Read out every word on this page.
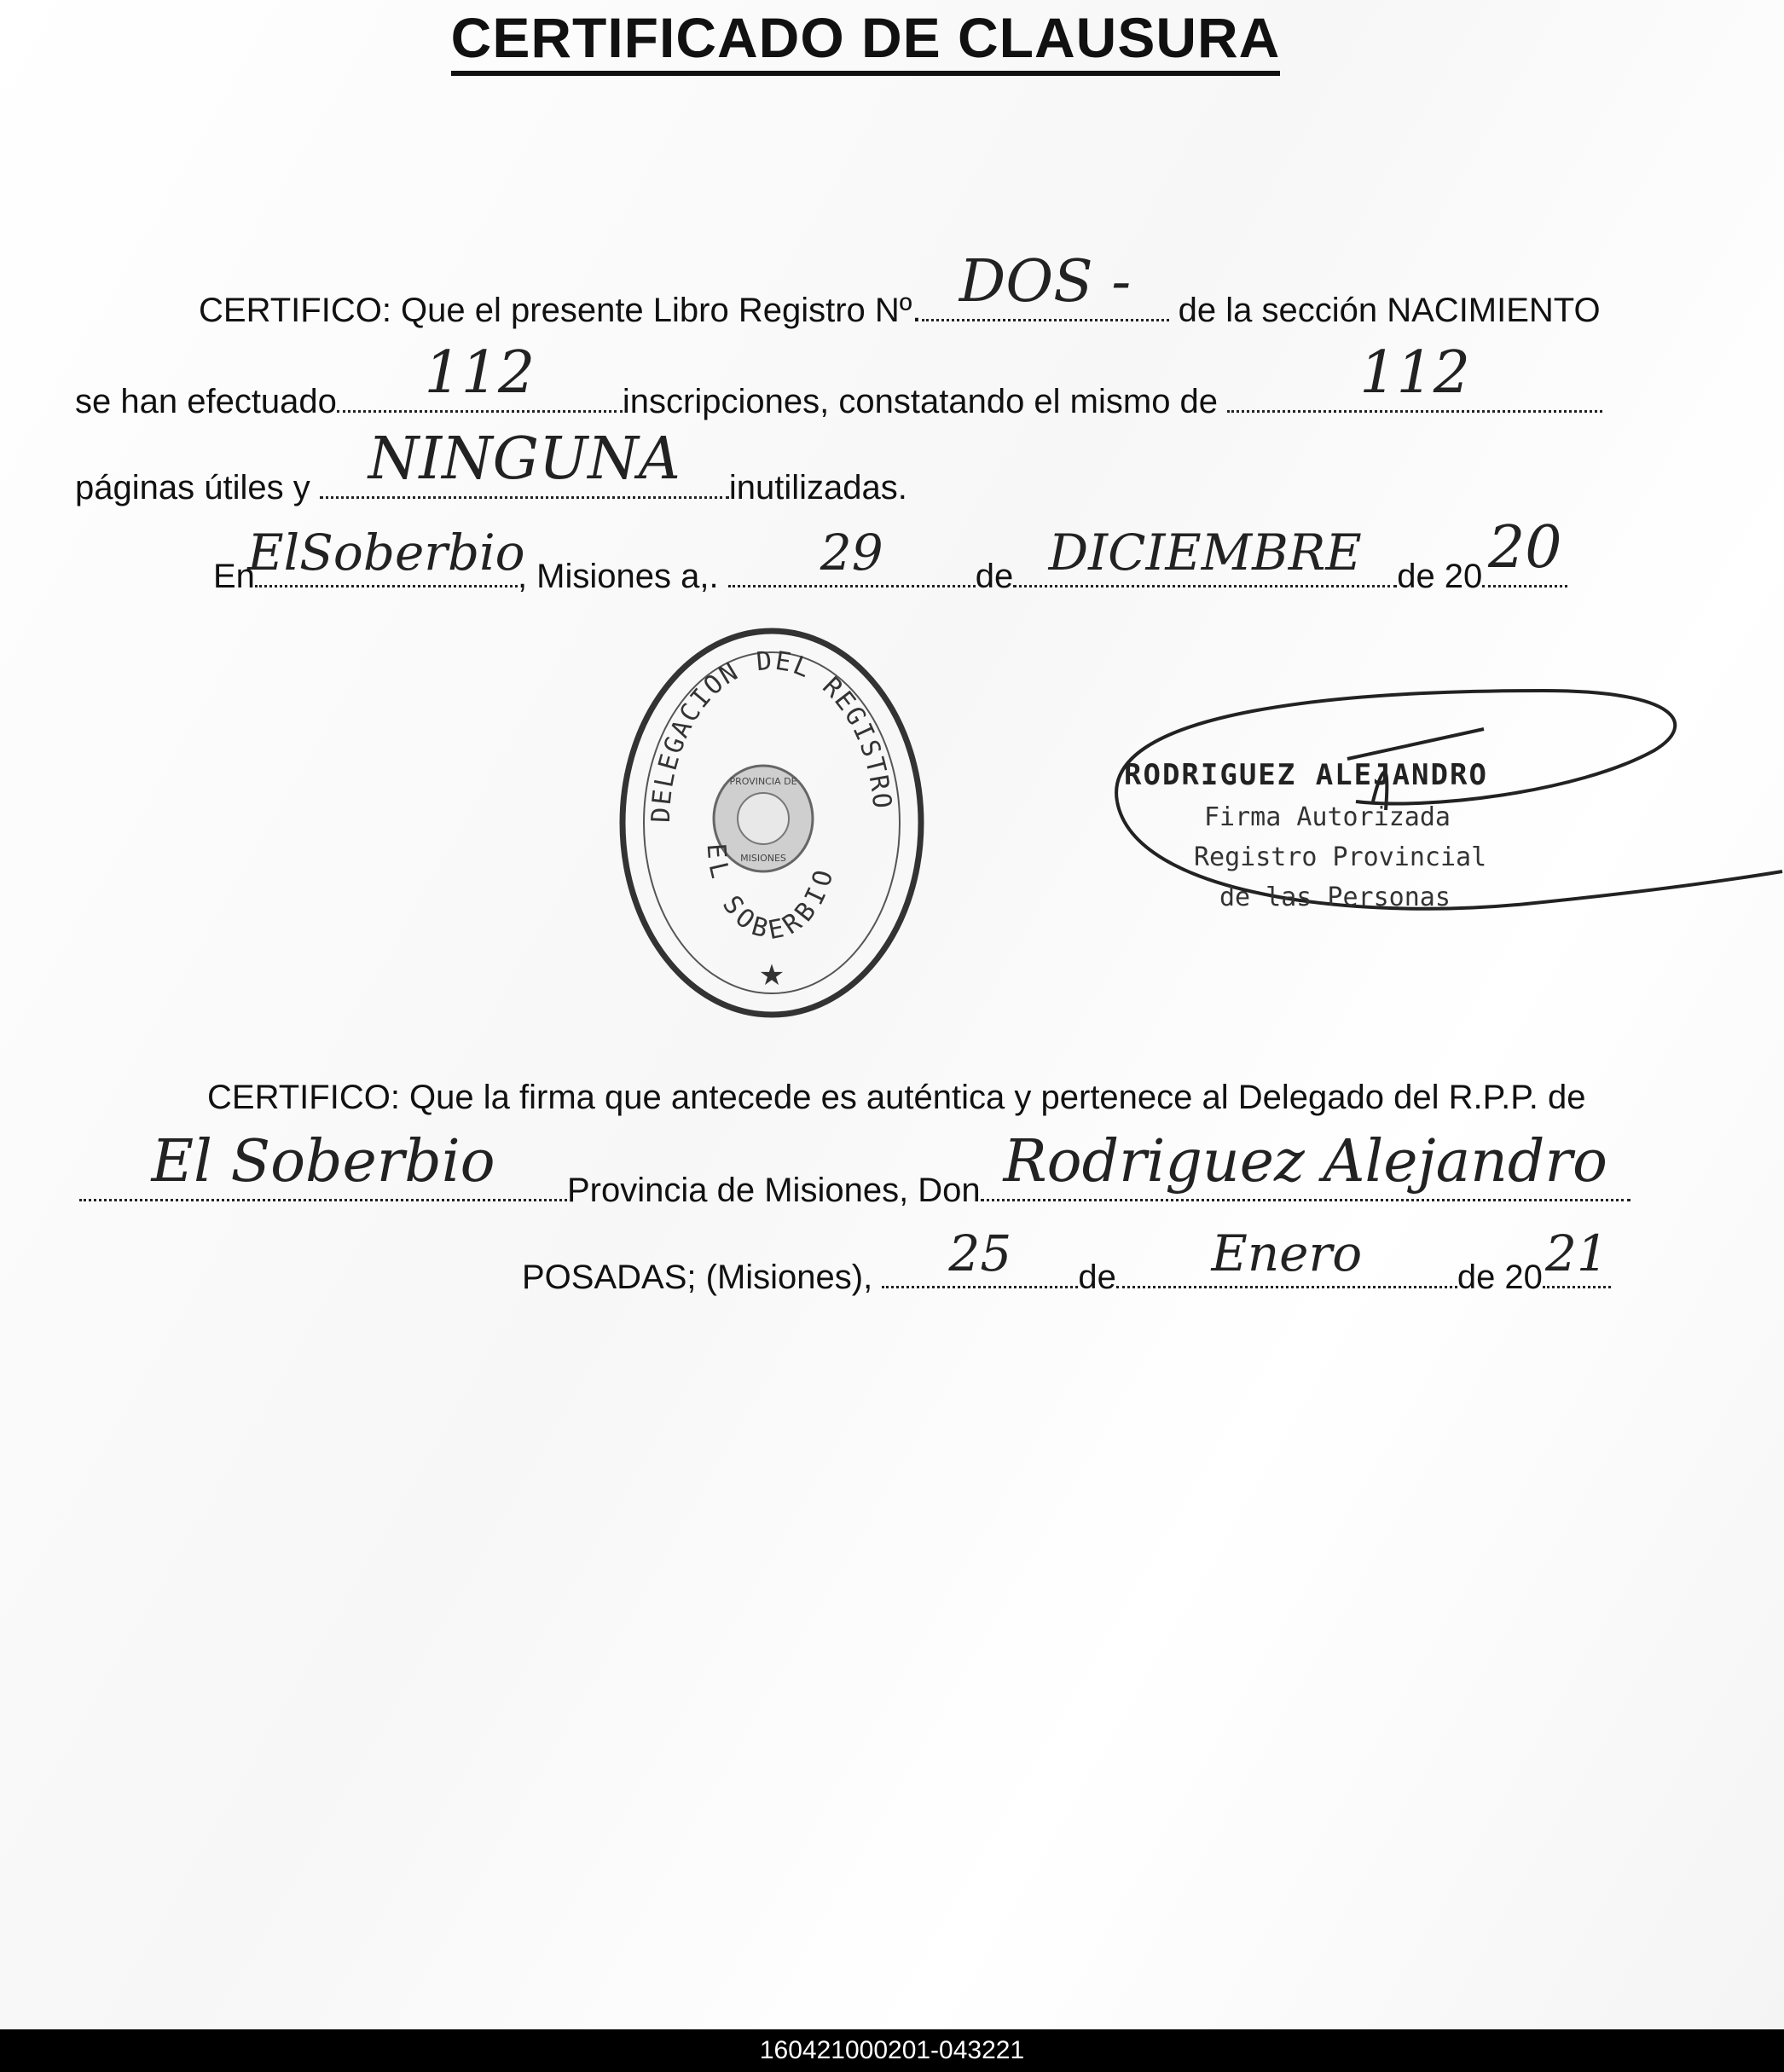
CERTIFICADO DE CLAUSURA
CERTIFICO: Que el presente Libro Registro Nº. DOS - de la sección NACIMIENTO
se han efectuado 112	inscripciones, constatando el mismo de 112
páginas útiles y NINGUNA inutilizadas.
En
ElSoberbio
, Misiones a,. 29	de DICIEMBRE de 20 20
DELEGACION DEL REGISTRO
PROVINCIA DE
MISIONES
EL SOBERBIO
★
RODRIGUEZ ALEJANDRO
Firma Autorizada
Registro Provincial
de las Personas
CERTIFICO: Que la firma que antecede es auténtica y pertenece al Delegado del R.P.P. de
El Soberbio Provincia de Misiones, Don Rodriguez Alejandro
POSADAS; (Misiones), 25 de Enero	de 20 21
160421000201-043221
